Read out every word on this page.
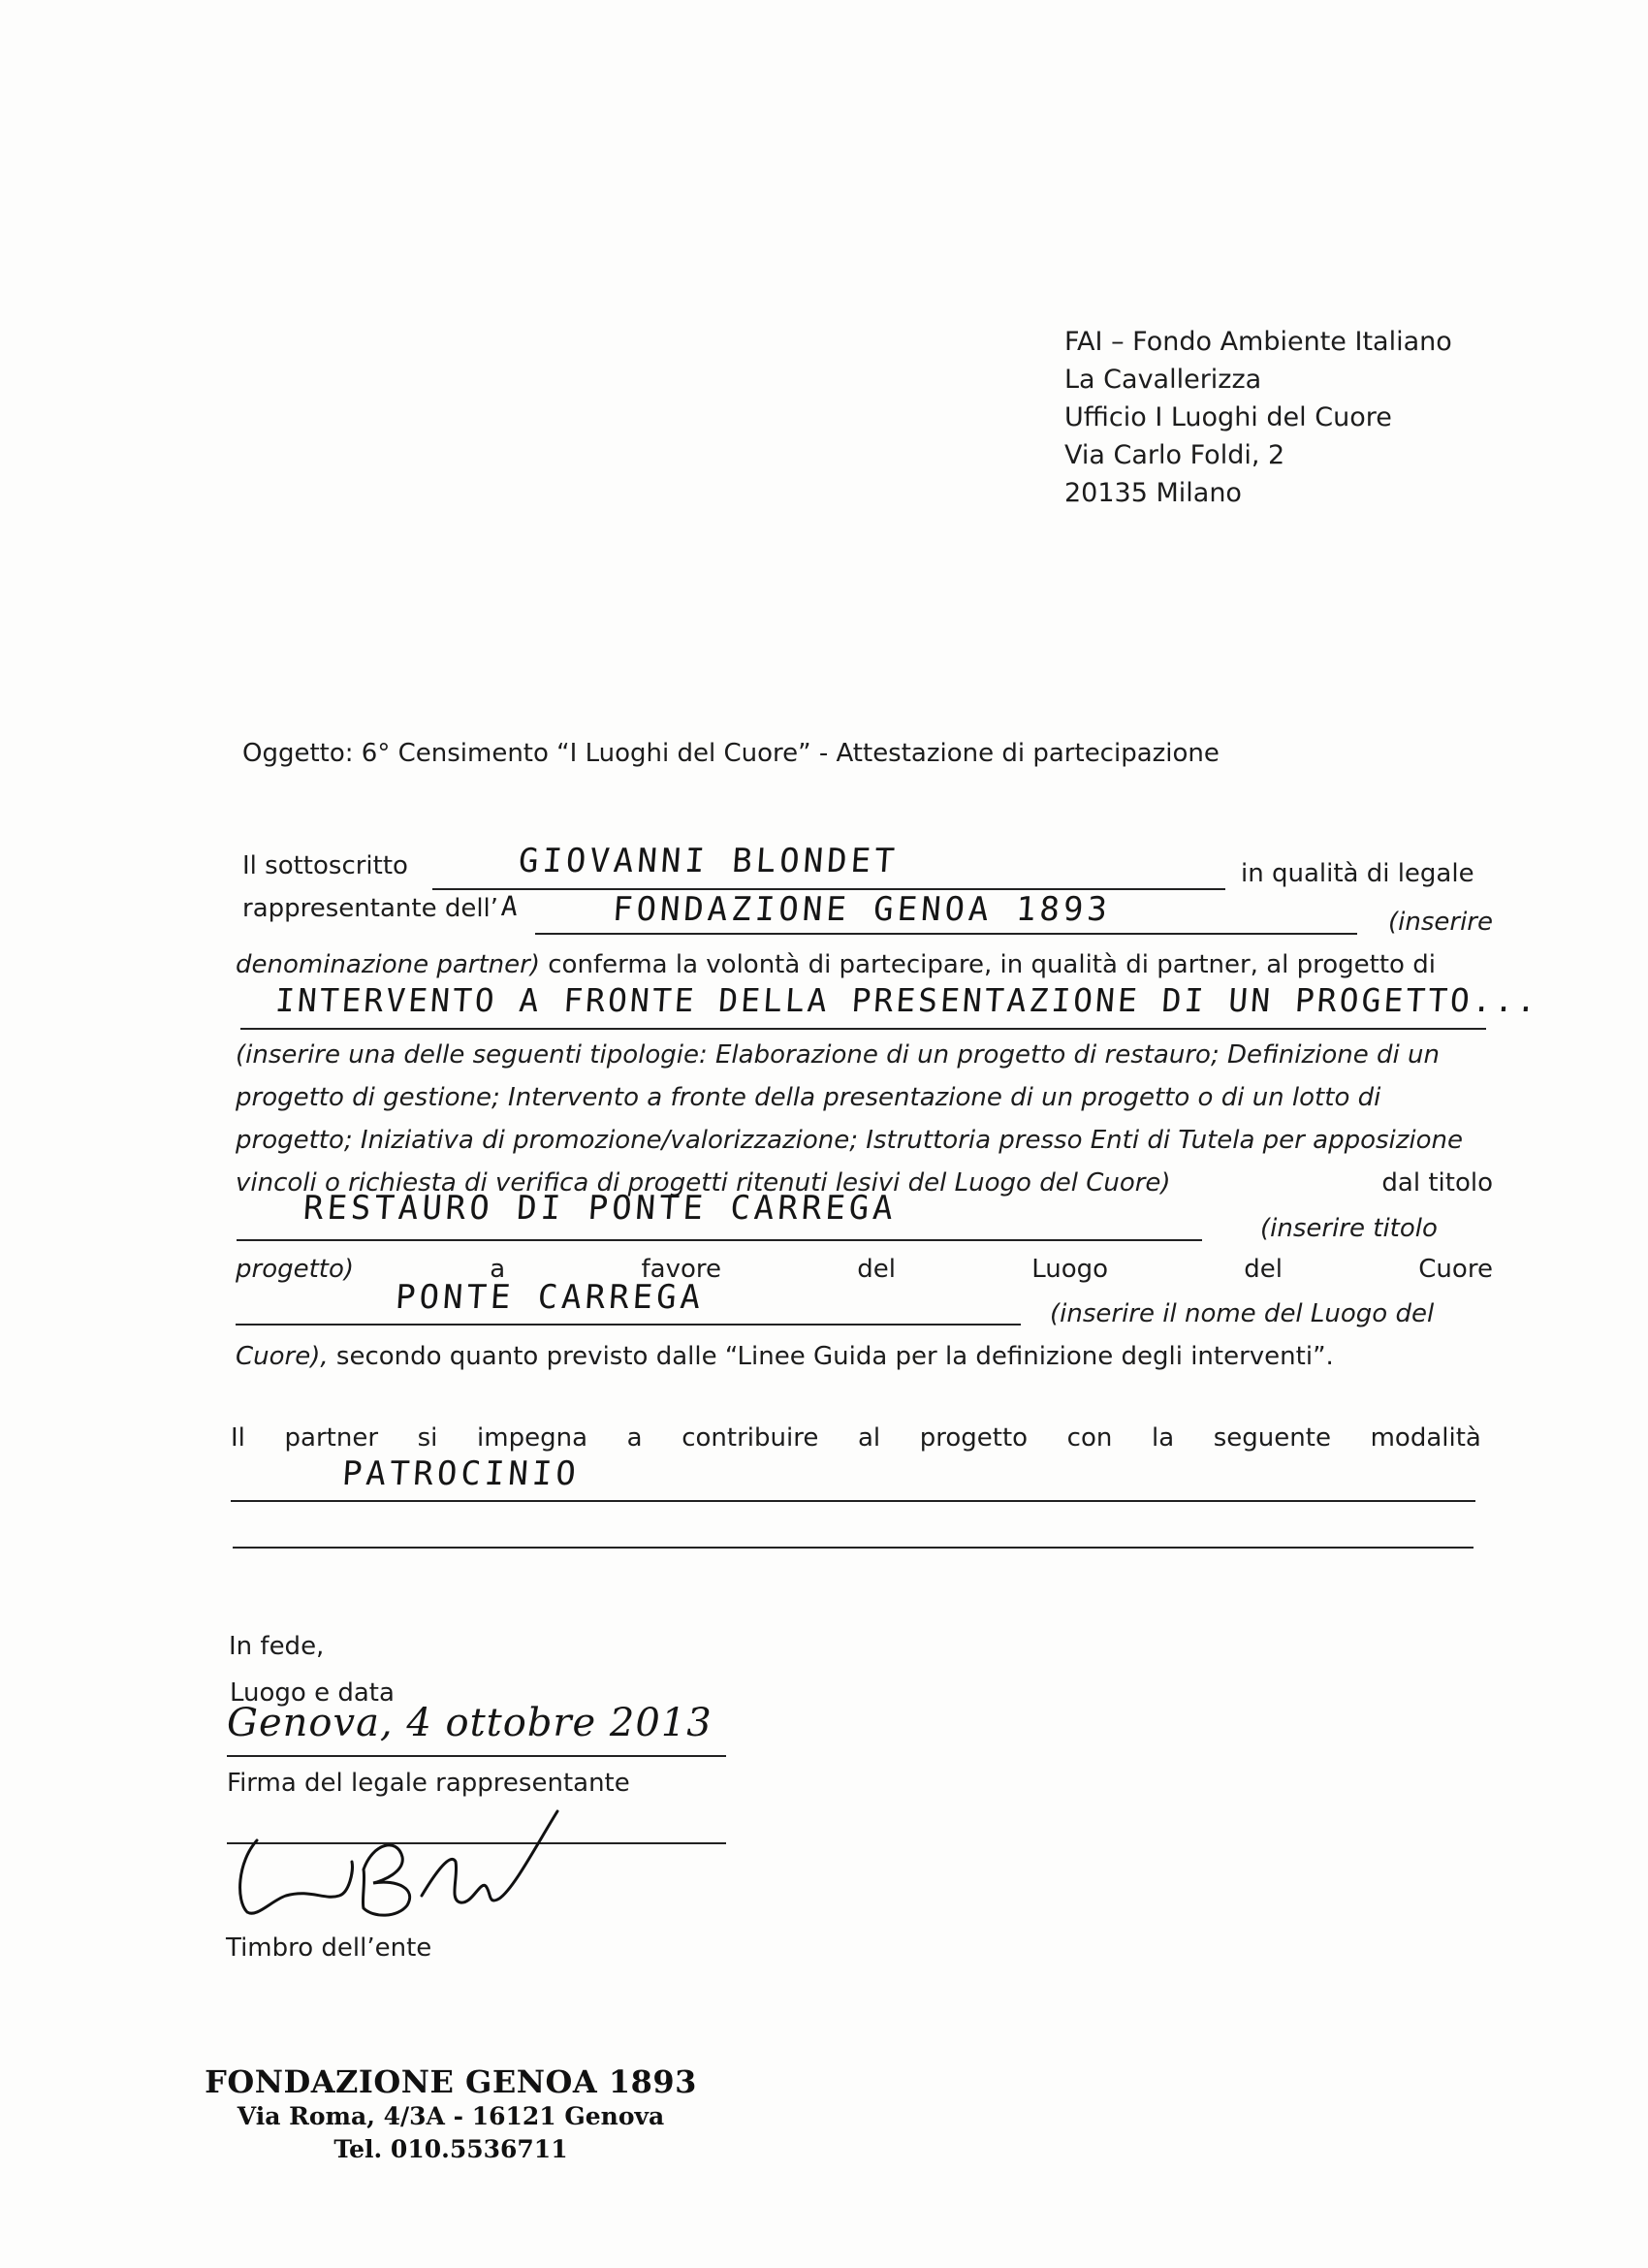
FAI – Fondo Ambiente Italiano
La Cavallerizza
Ufficio I Luoghi del Cuore
Via Carlo Foldi, 2
20135 Milano
Oggetto: 6° Censimento “I Luoghi del Cuore” - Attestazione di partecipazione
Il sottoscritto	GIOVANNI BLONDET	in qualità di legale
rappresentante dell’ A	FONDAZIONE GENOA 1893	(inserire
denominazione partner) conferma la volontà di partecipare, in qualità di partner, al progetto di
INTERVENTO A FRONTE DELLA PRESENTAZIONE DI UN PROGETTO...
(inserire una delle seguenti tipologie: Elaborazione di un progetto di restauro; Definizione di un
progetto di gestione; Intervento a fronte della presentazione di un progetto o di un lotto di
progetto; Iniziativa di promozione/valorizzazione; Istruttoria presso Enti di Tutela per apposizione
vincoli o richiesta di verifica di progetti ritenuti lesivi del Luogo del Cuore)	dal titolo
RESTAURO DI PONTE CARREGA
(inserire titolo
progetto)	a	favore	del	Luogo	del	Cuore
PONTE CARREGA	(inserire il nome del Luogo del
Cuore), secondo quanto previsto dalle “Linee Guida per la definizione degli interventi”.
Il partner si impegna a contribuire al progetto con la seguente modalità
PATROCINIO
In fede,
Luogo e data
Genova, 4 ottobre 2013
Firma del legale rappresentante
Timbro dell’ente
FONDAZIONE GENOA 1893
Via Roma, 4/3A - 16121 Genova
Tel. 010.5536711
